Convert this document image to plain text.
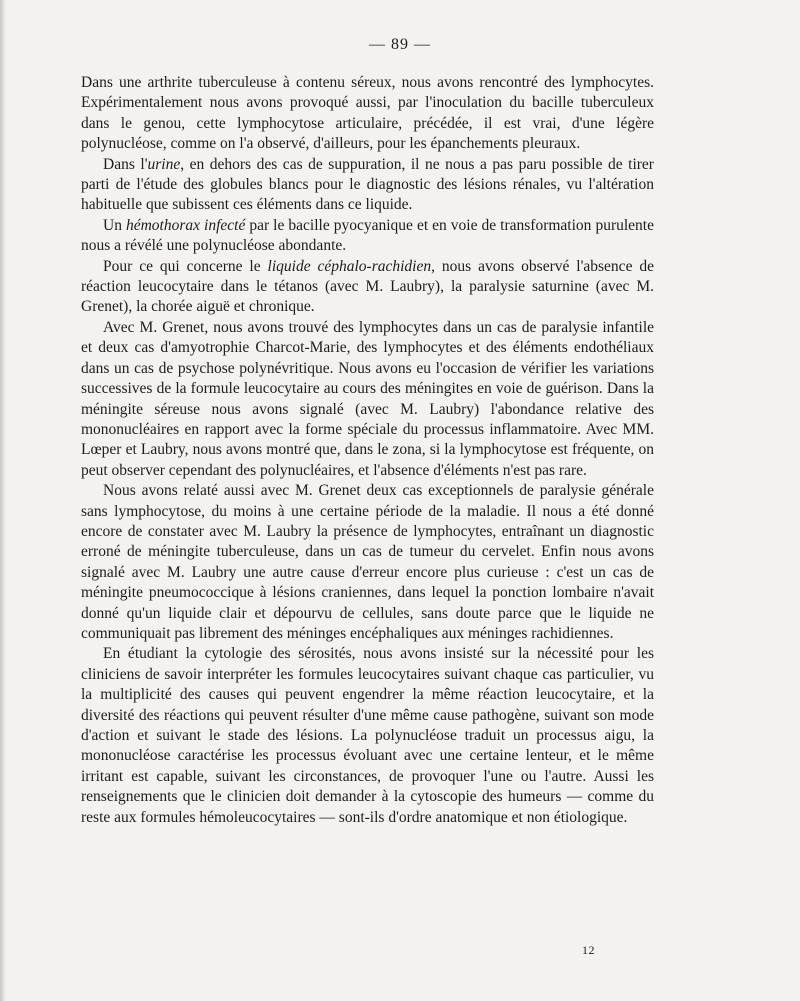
— 89 —

Dans une arthrite tuberculeuse à contenu séreux, nous avons rencontré des lymphocytes. Expérimentalement nous avons provoqué aussi, par l'inoculation du bacille tuberculeux dans le genou, cette lymphocytose articulaire, précédée, il est vrai, d'une légère polynucléose, comme on l'a observé, d'ailleurs, pour les épanchements pleuraux.

Dans l'urine, en dehors des cas de suppuration, il ne nous a pas paru possible de tirer parti de l'étude des globules blancs pour le diagnostic des lésions rénales, vu l'altération habituelle que subissent ces éléments dans ce liquide.

Un hémothorax infecté par le bacille pyocyanique et en voie de transformation purulente nous a révélé une polynucléose abondante.

Pour ce qui concerne le liquide céphalo-rachidien, nous avons observé l'absence de réaction leucocytaire dans le tétanos (avec M. Laubry), la paralysie saturnine (avec M. Grenet), la chorée aiguë et chronique.

Avec M. Grenet, nous avons trouvé des lymphocytes dans un cas de paralysie infantile et deux cas d'amyotrophie Charcot-Marie, des lymphocytes et des éléments endothéliaux dans un cas de psychose polynévritique. Nous avons eu l'occasion de vérifier les variations successives de la formule leucocytaire au cours des méningites en voie de guérison. Dans la méningite séreuse nous avons signalé (avec M. Laubry) l'abondance relative des mononucléaires en rapport avec la forme spéciale du processus inflammatoire. Avec MM. Lœper et Laubry, nous avons montré que, dans le zona, si la lymphocytose est fréquente, on peut observer cependant des polynucléaires, et l'absence d'éléments n'est pas rare.

Nous avons relaté aussi avec M. Grenet deux cas exceptionnels de paralysie générale sans lymphocytose, du moins à une certaine période de la maladie. Il nous a été donné encore de constater avec M. Laubry la présence de lymphocytes, entraînant un diagnostic erroné de méningite tuberculeuse, dans un cas de tumeur du cervelet. Enfin nous avons signalé avec M. Laubry une autre cause d'erreur encore plus curieuse : c'est un cas de méningite pneumococcique à lésions craniennes, dans lequel la ponction lombaire n'avait donné qu'un liquide clair et dépourvu de cellules, sans doute parce que le liquide ne communiquait pas librement des méninges encéphaliques aux méninges rachidiennes.

En étudiant la cytologie des sérosités, nous avons insisté sur la nécessité pour les cliniciens de savoir interpréter les formules leucocytaires suivant chaque cas particulier, vu la multiplicité des causes qui peuvent engendrer la même réaction leucocytaire, et la diversité des réactions qui peuvent résulter d'une même cause pathogène, suivant son mode d'action et suivant le stade des lésions. La polynucléose traduit un processus aigu, la mononucléose caractérise les processus évoluant avec une certaine lenteur, et le même irritant est capable, suivant les circonstances, de provoquer l'une ou l'autre. Aussi les renseignements que le clinicien doit demander à la cytoscopie des humeurs — comme du reste aux formules hémoleucocytaires — sont-ils d'ordre anatomique et non étiologique.

12
